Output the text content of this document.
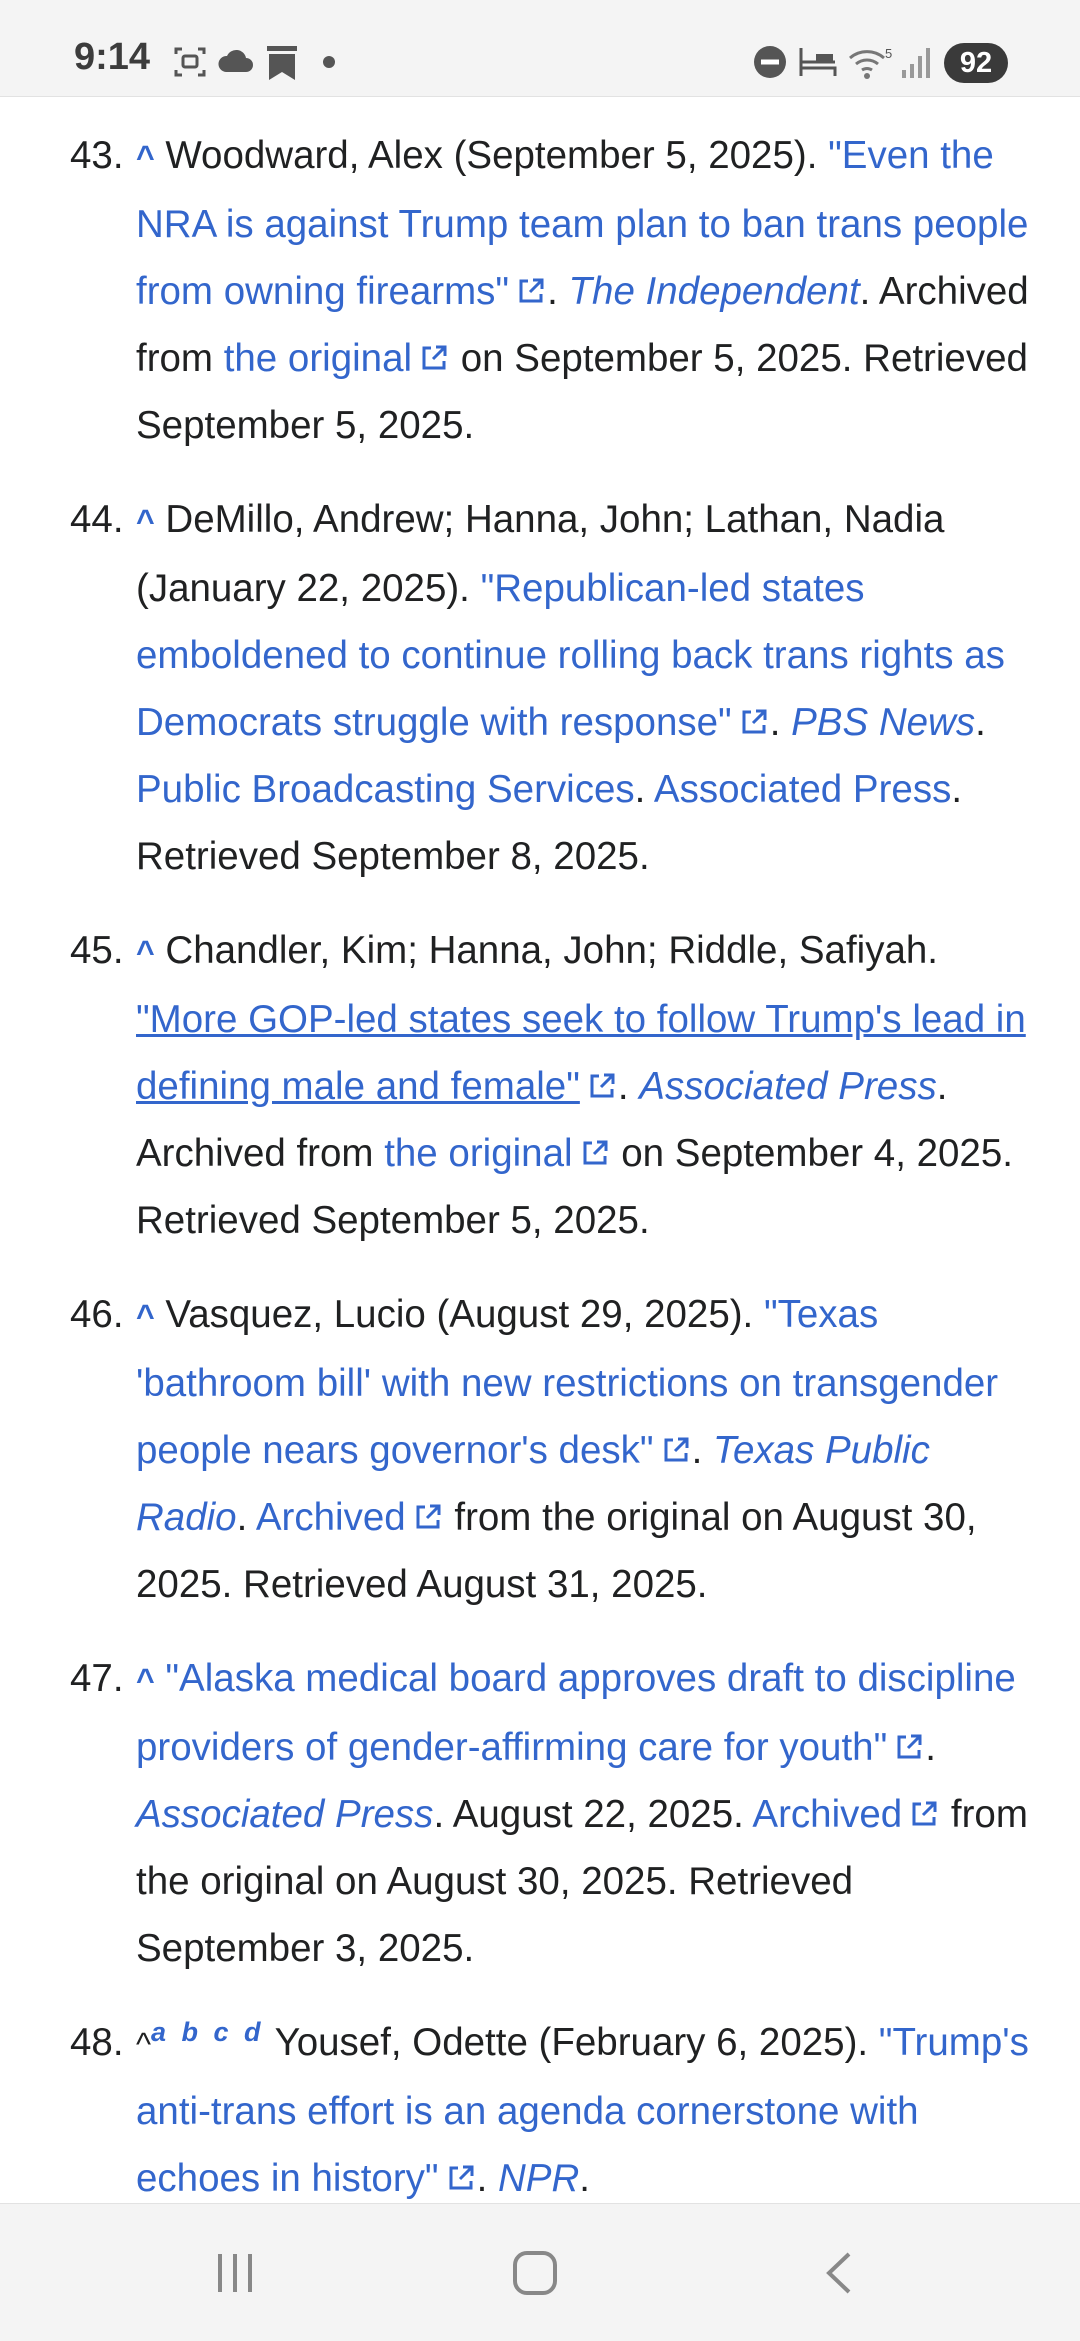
9:14	5	92
43. ^ Woodward, Alex (September 5, 2025). "Even the NRA is against Trump team plan to ban trans people from owning firearms" . The Independent. Archived from the original on September 5, 2025. Retrieved September 5, 2025.
44. ^ DeMillo, Andrew; Hanna, John; Lathan, Nadia (January 22, 2025). "Republican-led states emboldened to continue rolling back trans rights as Democrats struggle with response" . PBS News. Public Broadcasting Services. Associated Press. Retrieved September 8, 2025.
45. ^ Chandler, Kim; Hanna, John; Riddle, Safiyah. "More GOP-led states seek to follow Trump's lead in defining male and female" . Associated Press. Archived from the original on September 4, 2025. Retrieved September 5, 2025.
46. ^ Vasquez, Lucio (August 29, 2025). "Texas 'bathroom bill' with new restrictions on transgender people nears governor's desk" . Texas Public Radio. Archived from the original on August 30, 2025. Retrieved August 31, 2025.
47. ^ "Alaska medical board approves draft to discipline providers of gender-affirming care for youth" . Associated Press. August 22, 2025. Archived from the original on August 30, 2025. Retrieved September 3, 2025.
48. ^$^{a b c d}$ Yousef, Odette (February 6, 2025). "Trump's anti-trans effort is an agenda cornerstone with echoes in history" . NPR.
